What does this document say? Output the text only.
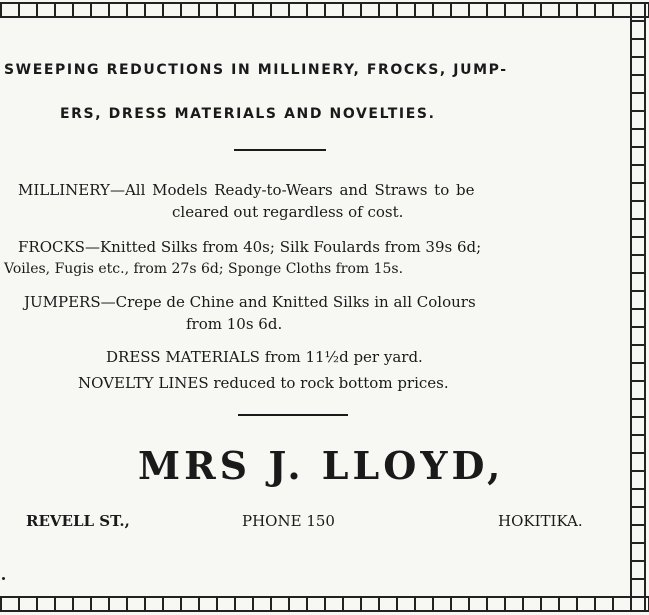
SWEEPING REDUCTIONS IN MILLINERY, FROCKS, JUMP-
ERS, DRESS MATERIALS AND NOVELTIES.
MILLINERY—All Models Ready-to-Wears and Straws to be
cleared out regardless of cost.
FROCKS—Knitted Silks from 40s; Silk Foulards from 39s 6d;
Voiles, Fugis etc., from 27s 6d; Sponge Cloths from 15s.
JUMPERS—Crepe de Chine and Knitted Silks in all Colours
from 10s 6d.
DRESS MATERIALS from 11½d per yard.
NOVELTY LINES reduced to rock bottom prices.
MRS J. LLOYD,
REVELL ST.,	PHONE 150	HOKITIKA.
